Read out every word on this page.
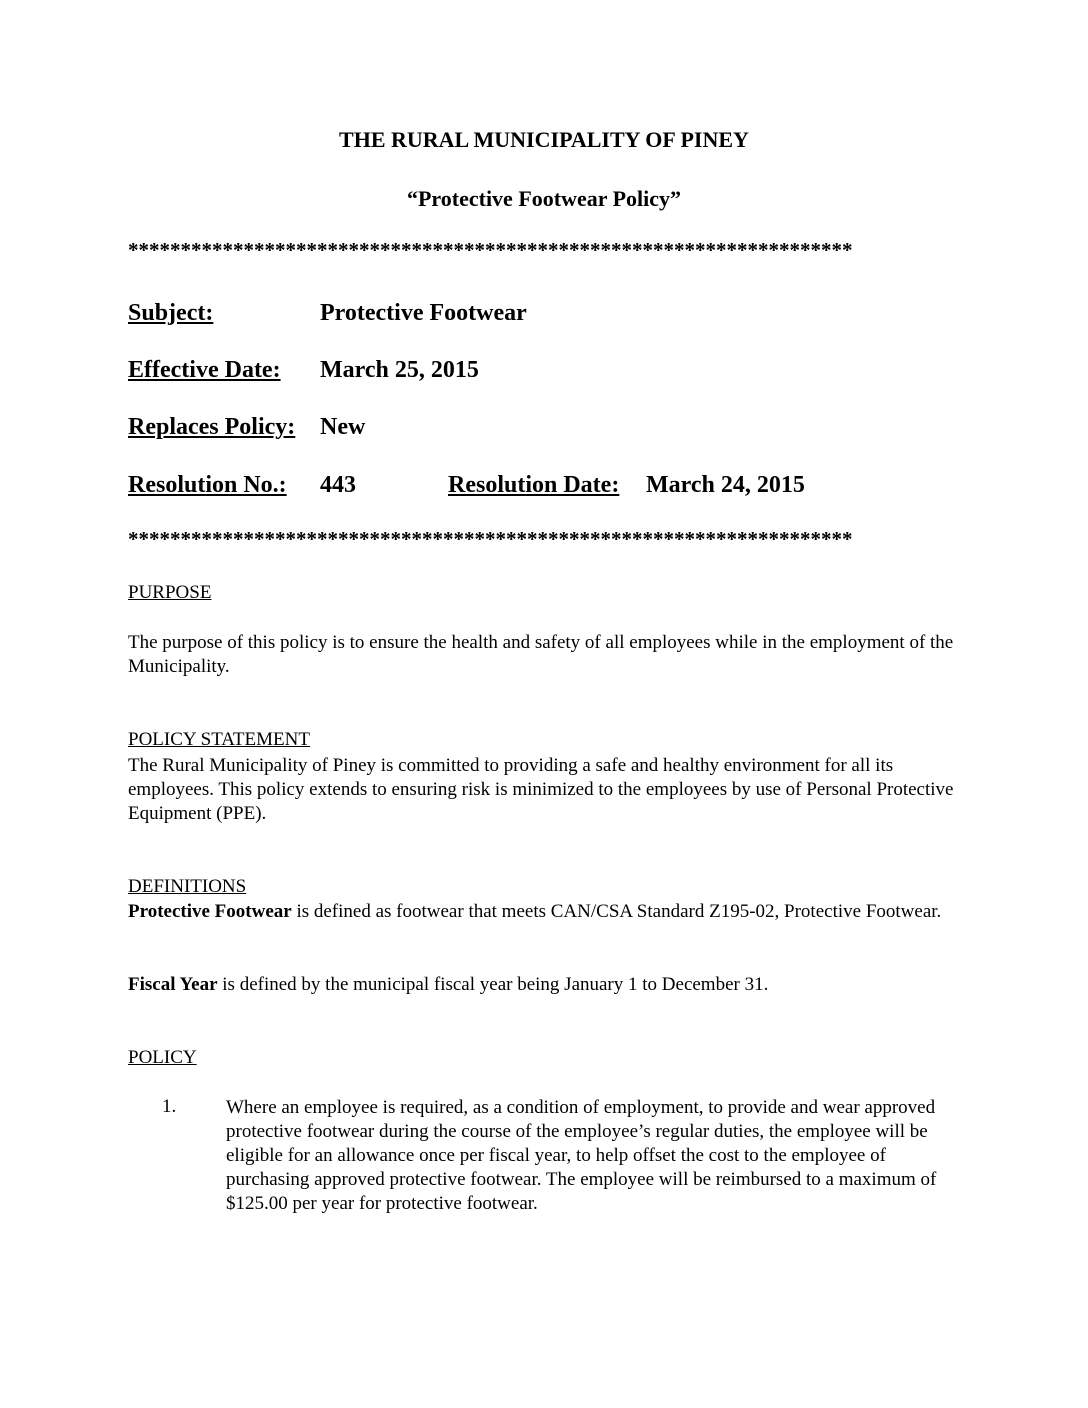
THE RURAL MUNICIPALITY OF PINEY
“Protective Footwear Policy”
*********************************************************************
Subject:	Protective Footwear
Effective Date: March 25, 2015
Replaces Policy: New
Resolution No.: 443	Resolution Date: March 24, 2015
*********************************************************************
PURPOSE
The purpose of this policy is to ensure the health and safety of all employees while in the employment of the Municipality.
POLICY STATEMENT
The Rural Municipality of Piney is committed to providing a safe and healthy environment for all its employees. This policy extends to ensuring risk is minimized to the employees by use of Personal Protective Equipment (PPE).
DEFINITIONS
Protective Footwear is defined as footwear that meets CAN/CSA Standard Z195-02, Protective Footwear.
Fiscal Year is defined by the municipal fiscal year being January 1 to December 31.
POLICY
1.	Where an employee is required, as a condition of employment, to provide and wear approved protective footwear during the course of the employee’s regular duties, the employee will be eligible for an allowance once per fiscal year, to help offset the cost to the employee of purchasing approved protective footwear. The employee will be reimbursed to a maximum of $125.00 per year for protective footwear.
